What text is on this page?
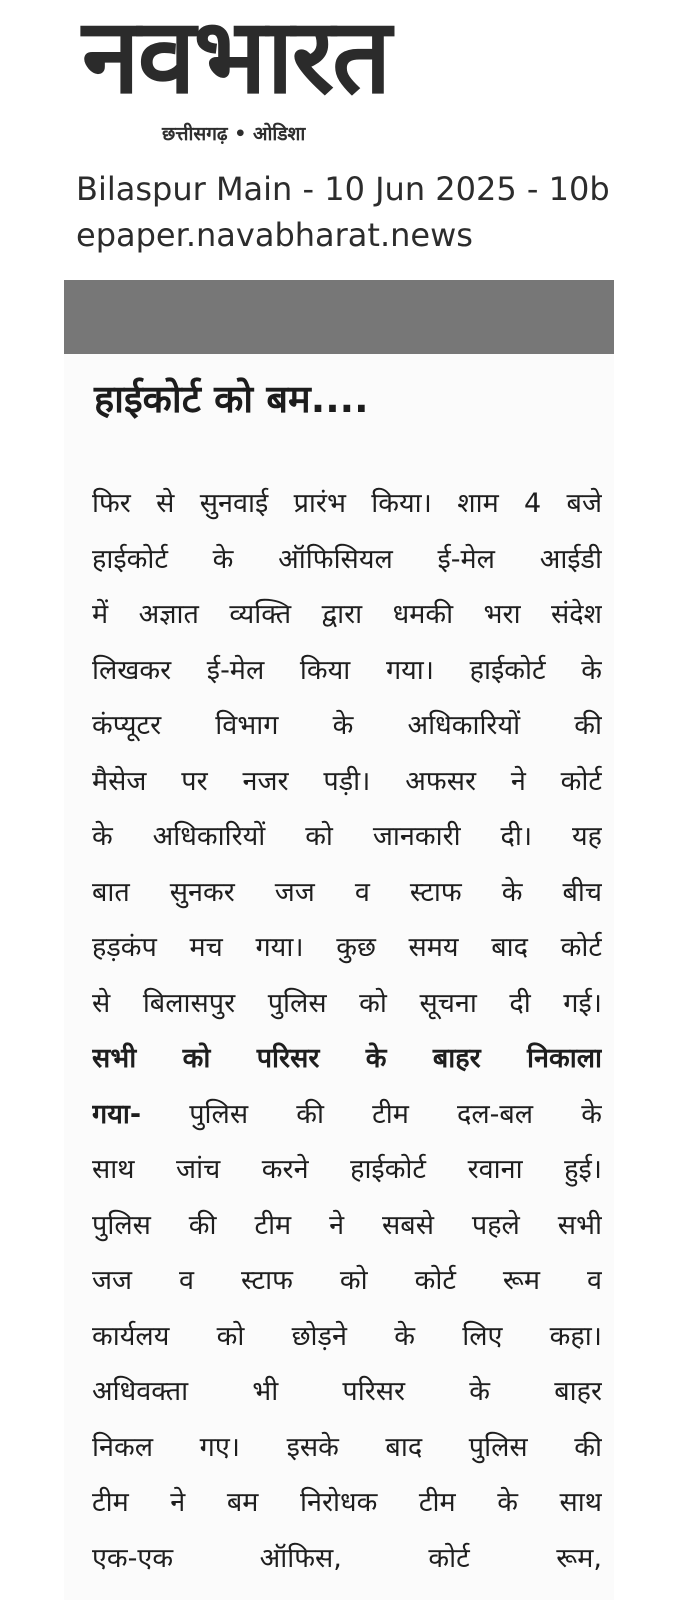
नवभारत
छत्तीसगढ़ • ओडिशा
Bilaspur Main - 10 Jun 2025 - 10b
epaper.navabharat.news
हाईकोर्ट को बम....
फिर से सुनवाई प्रारंभ किया। शाम 4 बजे
हाईकोर्ट के ऑफिसियल ई-मेल आईडी
में अज्ञात व्यक्ति द्वारा धमकी भरा संदेश
लिखकर ई-मेल किया गया। हाईकोर्ट के
कंप्यूटर विभाग के अधिकारियों की
मैसेज पर नजर पड़ी। अफसर ने कोर्ट
के अधिकारियों को जानकारी दी। यह
बात सुनकर जज व स्टाफ के बीच
हड़कंप मच गया। कुछ समय बाद कोर्ट
से बिलासपुर पुलिस को सूचना दी गई।
सभी को परिसर के बाहर निकाला
गया- पुलिस की टीम दल-बल के
साथ जांच करने हाईकोर्ट रवाना हुई।
पुलिस की टीम ने सबसे पहले सभी
जज व स्टाफ को कोर्ट रूम व
कार्यलय को छोड़ने के लिए कहा।
अधिवक्ता भी परिसर के बाहर
निकल गए। इसके बाद पुलिस की
टीम ने बम निरोधक टीम के साथ
एक-एक ऑफिस, कोर्ट रूम,
